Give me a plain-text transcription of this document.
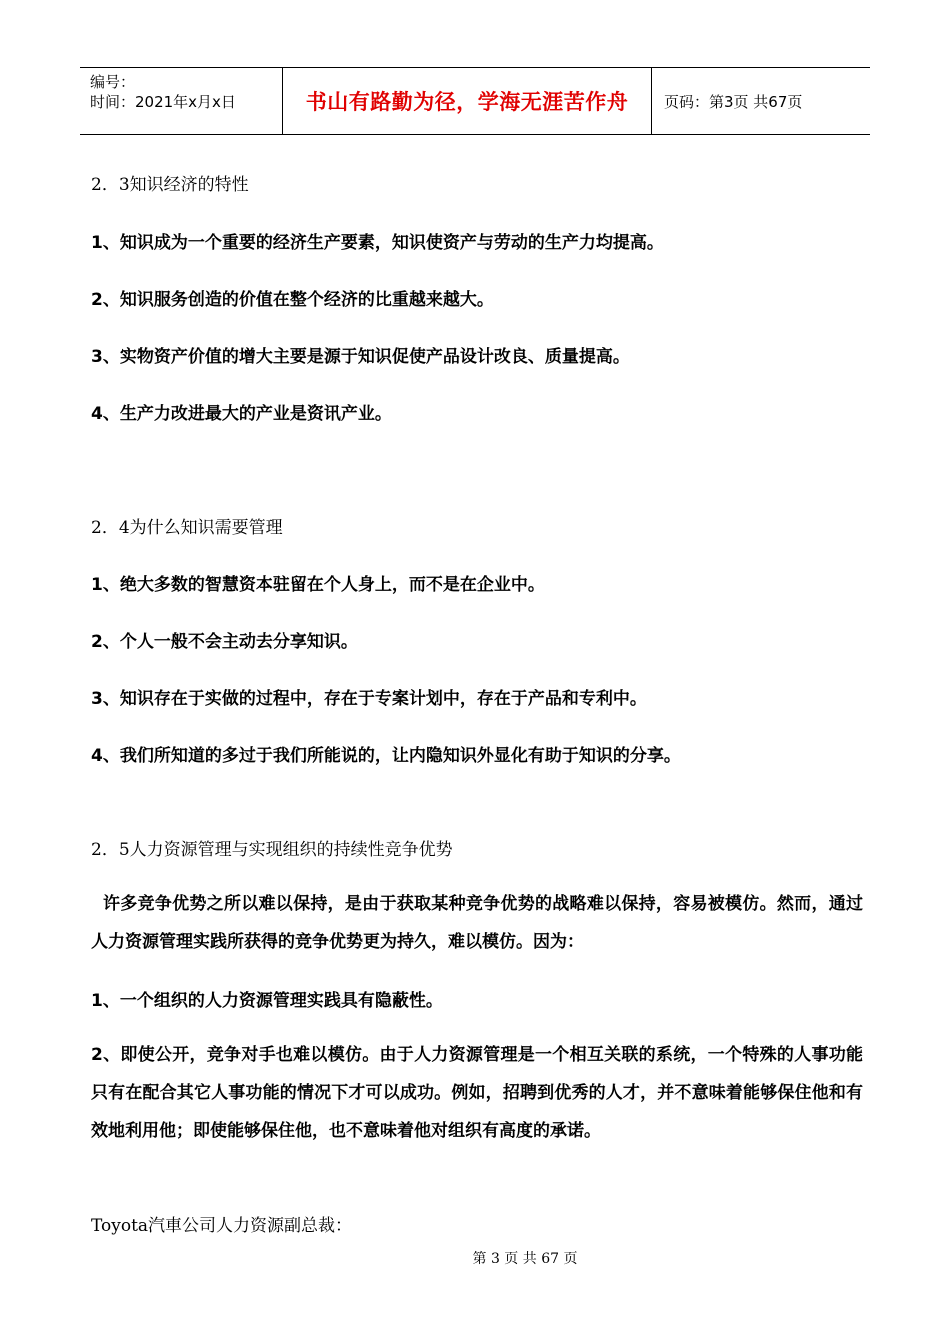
编号：
时间：2021年x月x日	书山有路勤为径，学海无涯苦作舟	页码：第3页 共67页
2．3知识经济的特性
1、知识成为一个重要的经济生产要素，知识使资产与劳动的生产力均提高。
2、知识服务创造的价值在整个经济的比重越来越大。
3、实物资产价值的增大主要是源于知识促使产品设计改良、质量提高。
4、生产力改进最大的产业是资讯产业。
2．4为什么知识需要管理
1、绝大多数的智慧资本驻留在个人身上，而不是在企业中。
2、个人一般不会主动去分享知识。
3、知识存在于实做的过程中，存在于专案计划中，存在于产品和专利中。
4、我们所知道的多过于我们所能说的，让内隐知识外显化有助于知识的分享。
2．5人力资源管理与实现组织的持续性竞争优势
许多竞争优势之所以难以保持，是由于获取某种竞争优势的战略难以保持，容易被模仿。然而，通过人力资源管理实践所获得的竞争优势更为持久，难以模仿。因为：
1、一个组织的人力资源管理实践具有隐蔽性。
2、即使公开，竞争对手也难以模仿。由于人力资源管理是一个相互关联的系统，一个特殊的人事功能只有在配合其它人事功能的情况下才可以成功。例如，招聘到优秀的人才，并不意味着能够保住他和有效地利用他；即使能够保住他，也不意味着他对组织有高度的承诺。
Toyota汽車公司人力资源副总裁：
第 3 页 共 67 页
